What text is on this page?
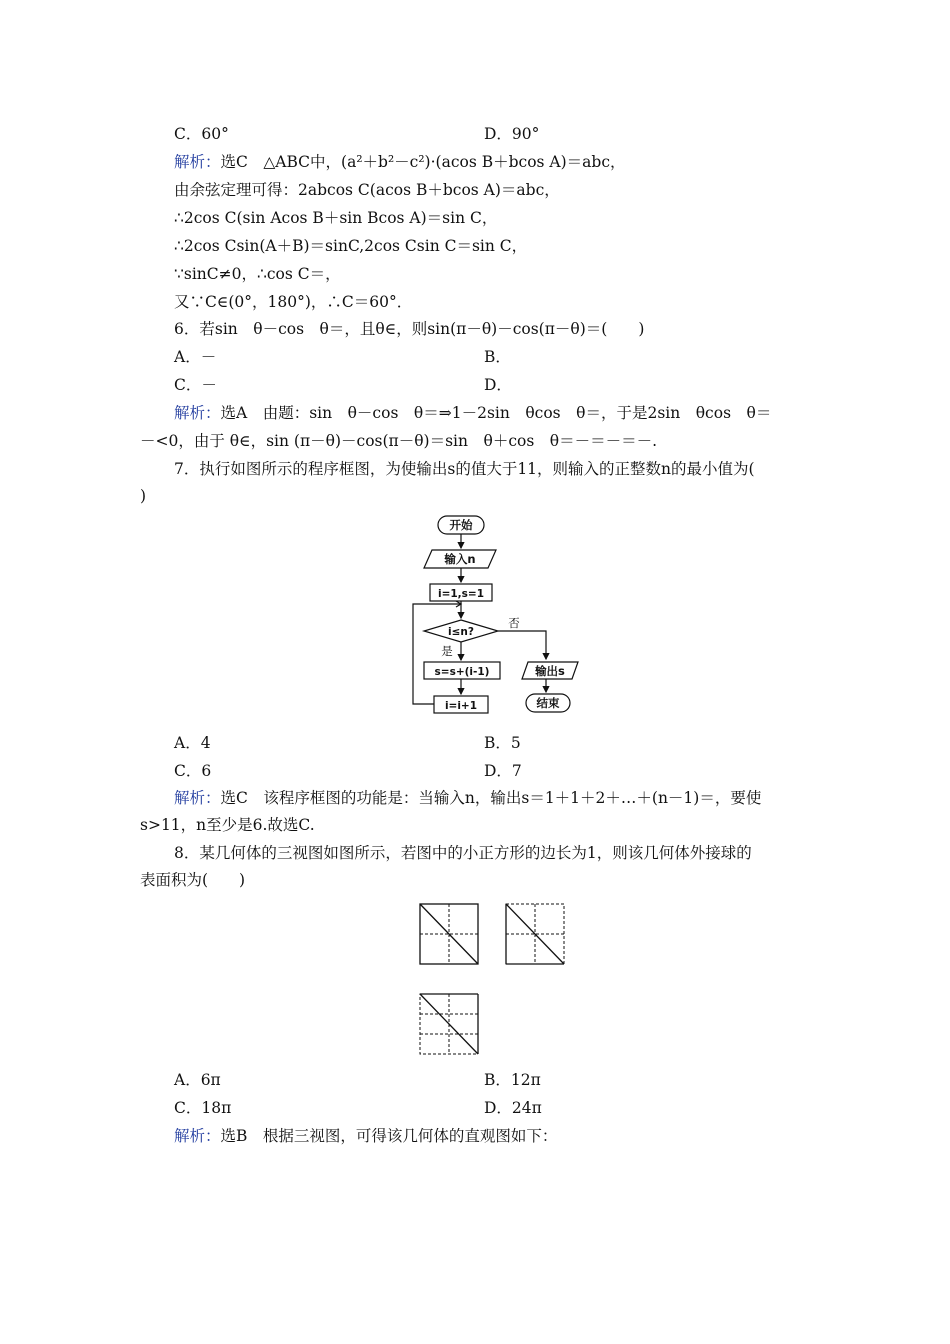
C．60°	D．90°
解析：选C　△ABC中，(a²＋b²－c²)·(acos B＋bcos A)＝abc，
由余弦定理可得：2abcos C(acos B＋bcos A)＝abc，
∴2cos C(sin Acos B＋sin Bcos A)＝sin C，
∴2cos Csin(A＋B)＝sinC,2cos Csin C＝sin C，
∵sinC≠0，∴cos C＝，
又∵C∈(0°，180°)，∴C＝60°．
6．若sin　θ－cos　θ＝，且θ∈，则sin(π－θ)－cos(π－θ)＝(　　)
A．－	B．
C．－	D．
解析：选A　由题：sin　θ－cos　θ＝⇒1－2sin　θcos　θ＝，于是2sin　θcos　θ＝
－<0，由于 θ∈，sin (π－θ)－cos(π－θ)＝sin　θ＋cos　θ＝－＝－＝－.
7．执行如图所示的程序框图，为使输出s的值大于11，则输入的正整数n的最小值为(
)
开始
输入n
i=1,s=1
i≤n?
否
是
s=s+(i-1)
i=i+1
输出s
结束
A．4	B．5
C．6	D．7
解析：选C　该程序框图的功能是：当输入n，输出s＝1＋1＋2＋…＋(n－1)＝，要使
s>11，n至少是6.故选C.
8．某几何体的三视图如图所示，若图中的小正方形的边长为1，则该几何体外接球的
表面积为(　　)
A．6π	B．12π
C．18π	D．24π
解析：选B　根据三视图，可得该几何体的直观图如下：
